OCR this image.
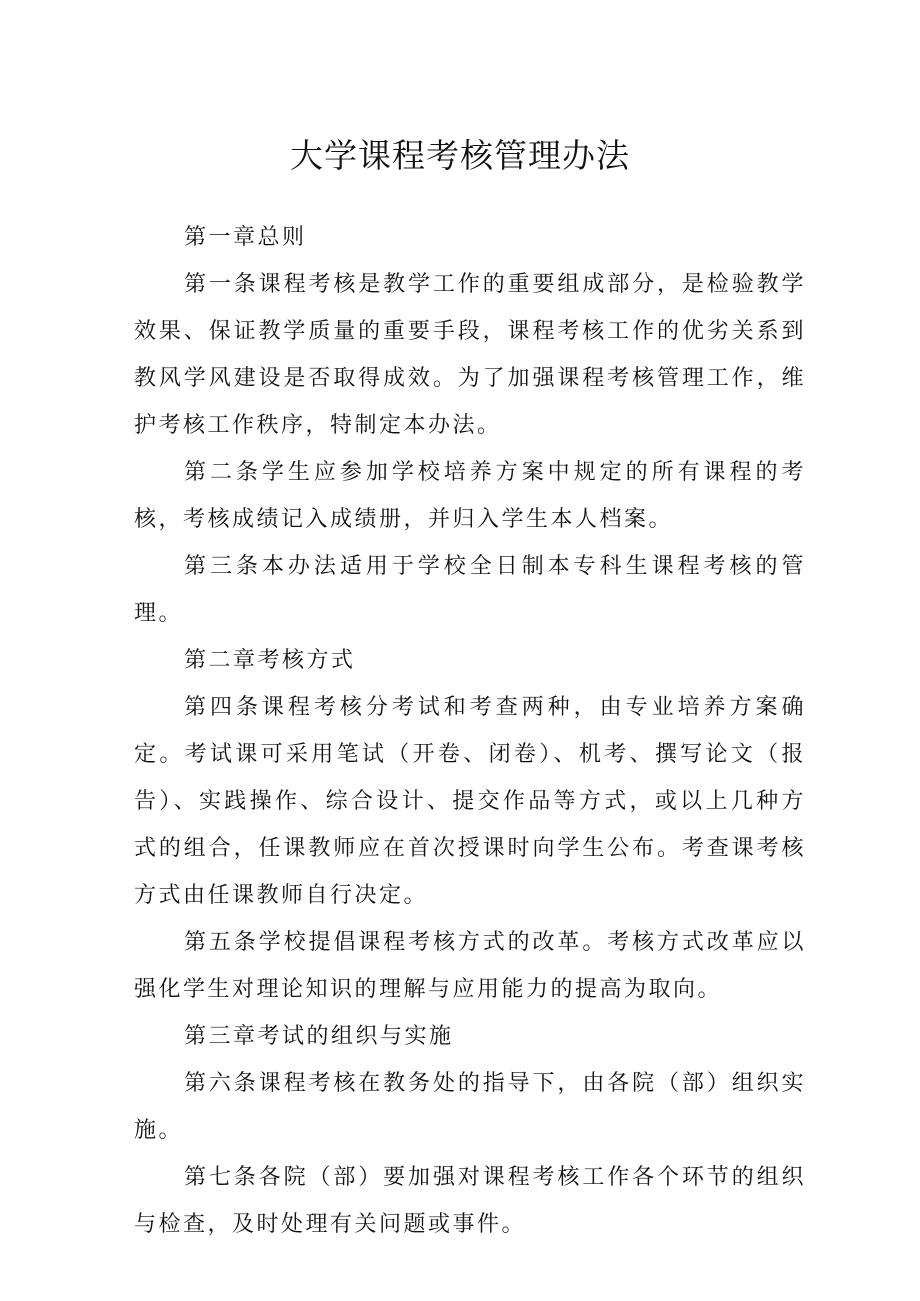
大学课程考核管理办法

第一章总则

第一条课程考核是教学工作的重要组成部分，是检验教学效果、保证教学质量的重要手段，课程考核工作的优劣关系到教风学风建设是否取得成效。为了加强课程考核管理工作，维护考核工作秩序，特制定本办法。

第二条学生应参加学校培养方案中规定的所有课程的考核，考核成绩记入成绩册，并归入学生本人档案。

第三条本办法适用于学校全日制本专科生课程考核的管理。

第二章考核方式

第四条课程考核分考试和考查两种，由专业培养方案确定。考试课可采用笔试（开卷、闭卷）、机考、撰写论文（报告）、实践操作、综合设计、提交作品等方式，或以上几种方式的组合，任课教师应在首次授课时向学生公布。考查课考核方式由任课教师自行决定。

第五条学校提倡课程考核方式的改革。考核方式改革应以强化学生对理论知识的理解与应用能力的提高为取向。

第三章考试的组织与实施

第六条课程考核在教务处的指导下，由各院（部）组织实施。

第七条各院（部）要加强对课程考核工作各个环节的组织与检查，及时处理有关问题或事件。
